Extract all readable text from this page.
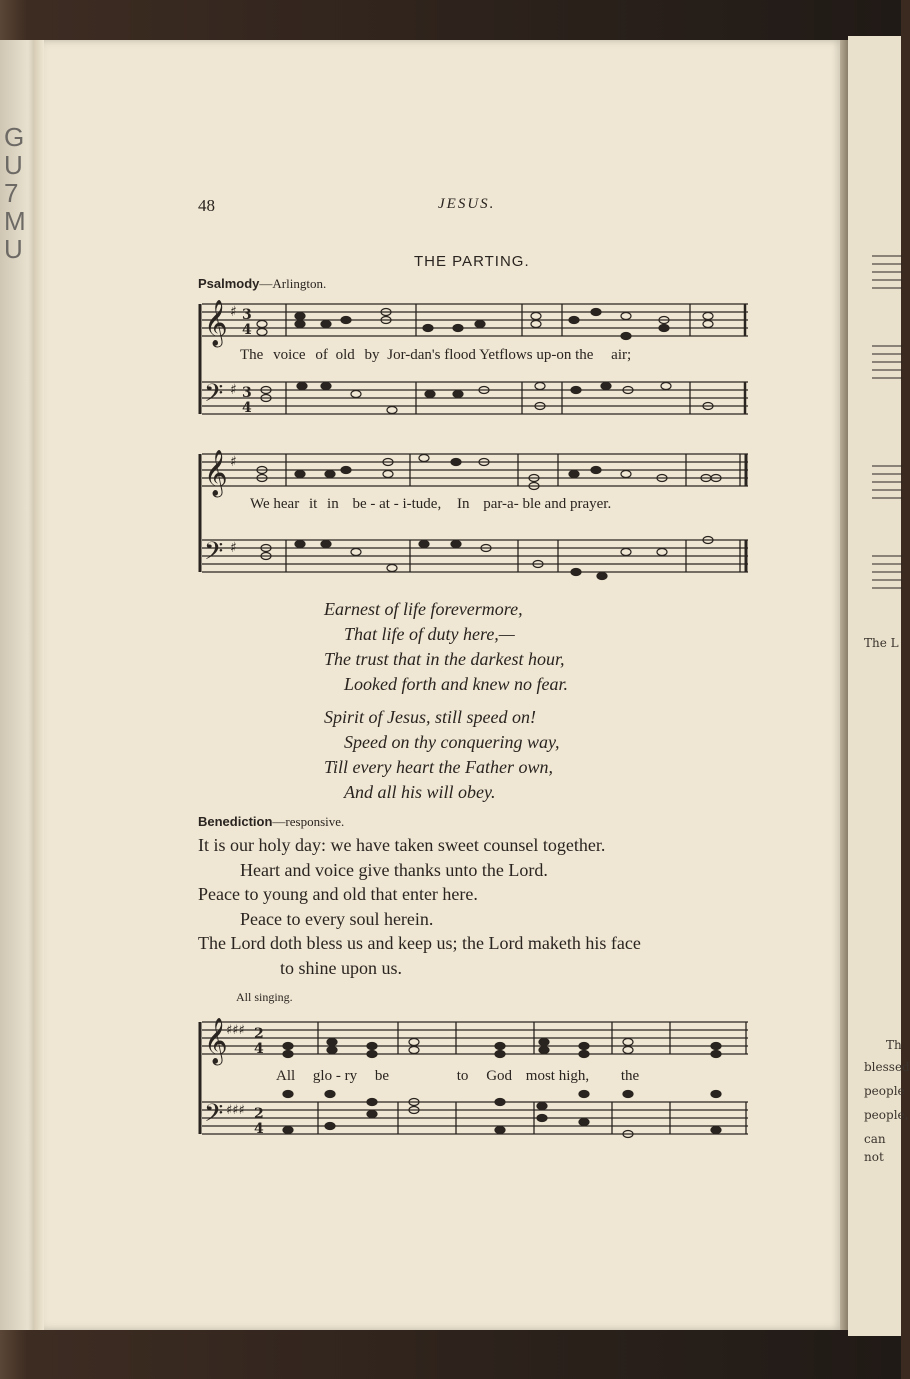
G
U
7
M
U
The L
Th
blessed
people
people,
can not
48	JESUS.
THE PARTING.
Psalmody—Arlington.
𝄞
𝄢
♯
♯
3
4
3
4
The voice of old by Jor-dan's flood Yetflows up-on the air;
𝄞
𝄢
♯
♯
We hear it in be - at - i-tude, In par-a- ble and prayer.
Earnest of life forevermore,
That life of duty here,—
The trust that in the darkest hour,
Looked forth and knew no fear.
Spirit of Jesus, still speed on!
Speed on thy conquering way,
Till every heart the Father own,
And all his will obey.
Benediction—responsive.
It is our holy day: we have taken sweet counsel together.
Heart and voice give thanks unto the Lord.
Peace to young and old that enter here.
Peace to every soul herein.
The Lord doth bless us and keep us; the Lord maketh his face
to shine upon us.
All singing.
𝄞
𝄢
♯♯♯
♯♯♯
2
4
2
4
All glo - ry be	to God most high, the
